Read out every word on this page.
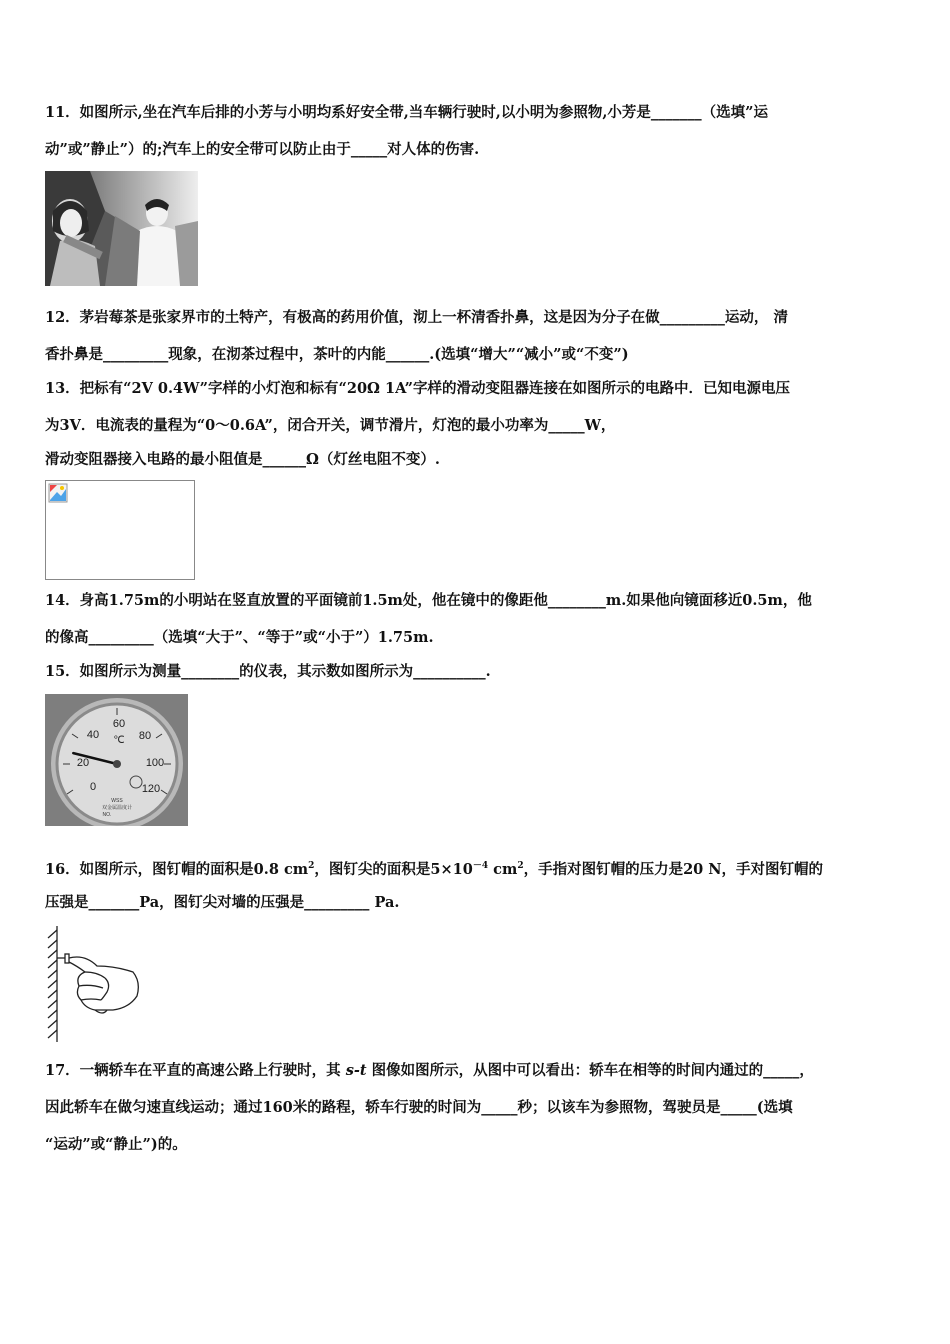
11．如图所示,坐在汽车后排的小芳与小明均系好安全带,当车辆行驶时,以小明为参照物,小芳是_______（选填”运
动”或”静止”）的;汽车上的安全带可以防止由于_____对人体的伤害.
12．茅岩莓茶是张家界市的土特产，有极高的药用价值，沏上一杯清香扑鼻，这是因为分子在做_________运动， 清
香扑鼻是_________现象，在沏茶过程中，茶叶的内能______.(选填“增大”“减小”或“不变”)
13．把标有“2V 0.4W”字样的小灯泡和标有“20Ω 1A”字样的滑动变阻器连接在如图所示的电路中．已知电源电压
为3V．电流表的量程为“0～0.6A”，闭合开关，调节滑片，灯泡的最小功率为_____W，
滑动变阻器接入电路的最小阻值是______Ω（灯丝电阻不变）.
14．身高1.75m的小明站在竖直放置的平面镜前1.5m处，他在镜中的像距他________m.如果他向镜面移近0.5m，他
的像高_________（选填“大于”、“等于”或“小于”）1.75m.
15．如图所示为测量________的仪表，其示数如图所示为__________.
60
40	80
℃
20	100
0	120
WSS
双金属温度计
NO.
16．如图所示，图钉帽的面积是0.8 $cm^2$，图钉尖的面积是$5\times 10^{-4}$ $cm^2$，手指对图钉帽的压力是20 N，手对图钉帽的
压强是_______Pa，图钉尖对墙的压强是_________ Pa.
17．一辆轿车在平直的高速公路上行驶时，其 s-t 图像如图所示，从图中可以看出：轿车在相等的时间内通过的_____，
因此轿车在做匀速直线运动；通过160米的路程，轿车行驶的时间为_____秒；以该车为参照物，驾驶员是_____(选填
“运动”或“静止”)的。
